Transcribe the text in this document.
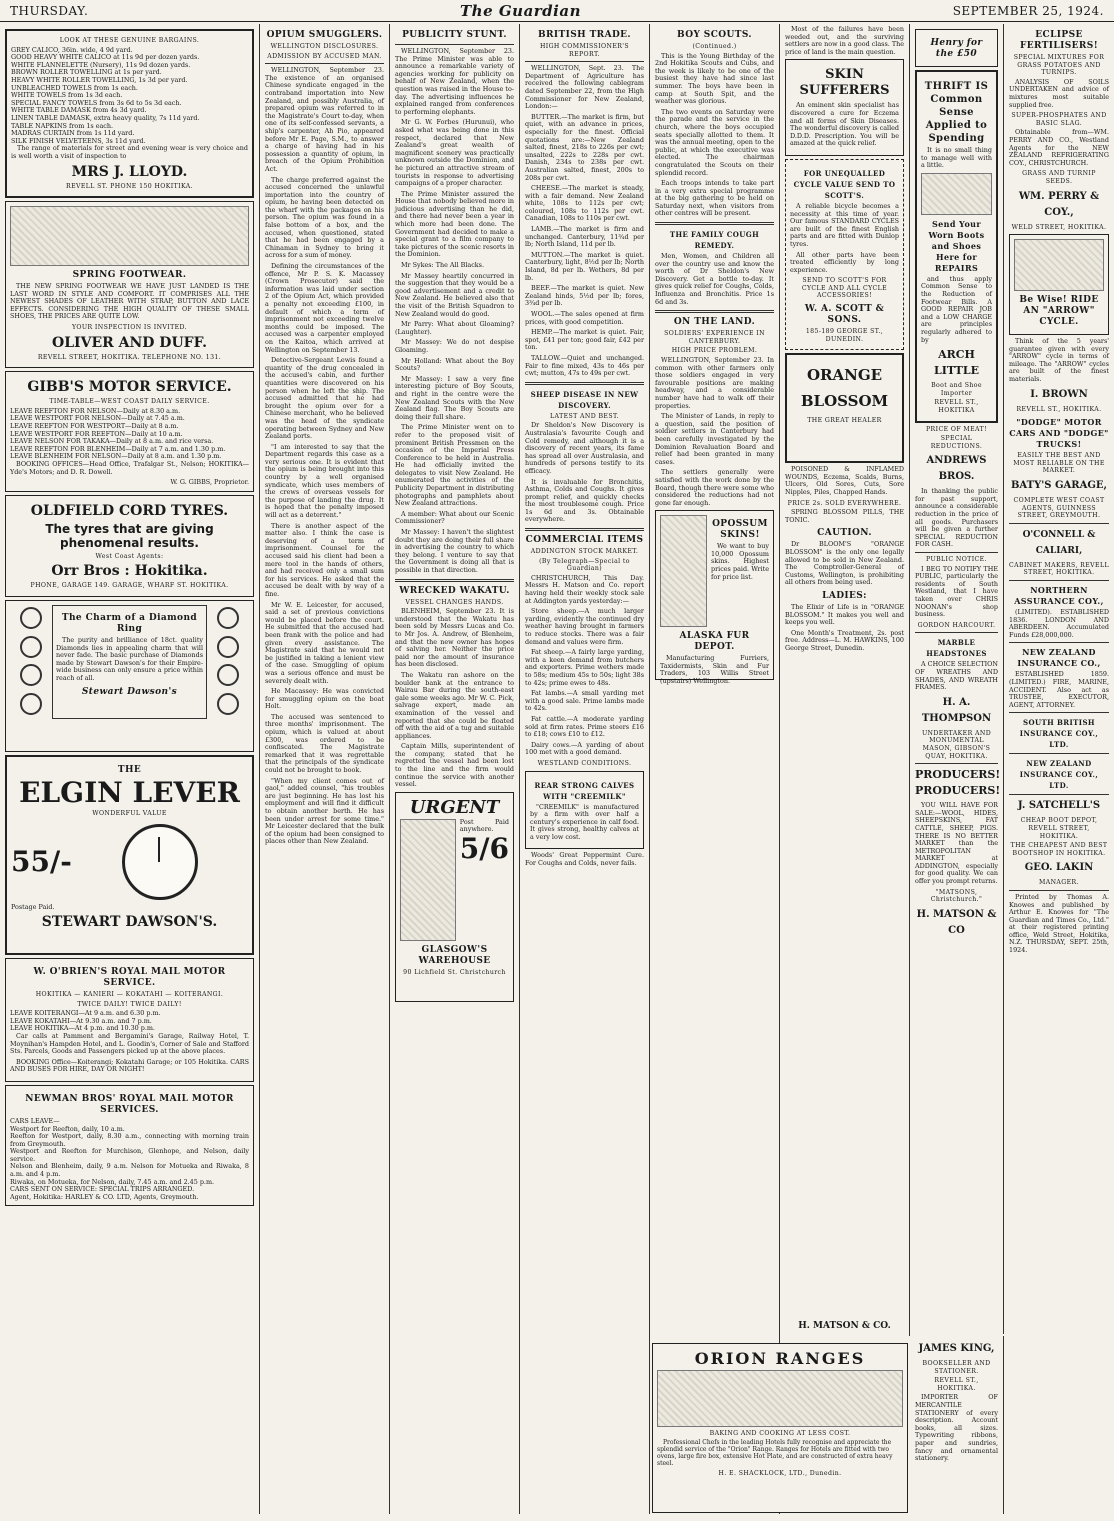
THURSDAY.	The Guardian	SEPTEMBER 25, 1924.
LOOK AT THESE GENUINE BARGAINS.
GREY CALICO, 36in. wide, 4 9d yard.
GOOD HEAVY WHITE CALICO at 11s 9d per dozen yards.
WHITE FLANNELETTE (Nursery), 11s 9d dozen yards.
BROWN ROLLER TOWELLING at 1s per yard.
HEAVY WHITE ROLLER TOWELLING, 1s 3d per yard.
UNBLEACHED TOWELS from 1s each.
WHITE TOWELS from 1s 3d each.
SPECIAL FANCY TOWELS from 3s 6d to 5s 3d each.
WHITE TABLE DAMASK from 4s 3d yard.
LINEN TABLE DAMASK, extra heavy quality, 7s 11d yard.
TABLE NAPKINS from 1s each.
MADRAS CURTAIN from 1s 11d yard.
SILK FINISH VELVETEENS, 3s 11d yard.

The range of materials for street and evening wear is very choice and is well worth a visit of inspection to

MRS J. LLOYD.
REVELL ST. PHONE 150 HOKITIKA.
SPRING FOOTWEAR.

THE NEW SPRING FOOTWEAR WE HAVE JUST LANDED IS THE LAST WORD IN STYLE AND COMFORT. IT COMPRISES ALL THE NEWEST SHADES OF LEATHER WITH STRAP, BUTTON AND LACE EFFECTS. CONSIDERING THE HIGH QUALITY OF THESE SMALL SHOES, THE PRICES ARE QUITE LOW.

YOUR INSPECTION IS INVITED.
OLIVER AND DUFF.
REVELL STREET, HOKITIKA. TELEPHONE NO. 131.
GIBB'S MOTOR SERVICE.
TIME-TABLE—WEST COAST DAILY SERVICE.
LEAVE REEFTON FOR NELSON—Daily at 8.30 a.m.
LEAVE WESTPORT FOR NELSON—Daily at 7.45 a.m.
LEAVE REEFTON FOR WESTPORT—Daily at 8 a.m.
LEAVE WESTPORT FOR REEFTON—Daily at 10 a.m.
LEAVE NELSON FOR TAKAKA—Daily at 8 a.m. and rice versa.
LEAVE REEFTON FOR BLENHEIM—Daily at 7 a.m. and 1.30 p.m.
LEAVE BLENHEIM FOR NELSON—Daily at 8 a.m. and 1.30 p.m.

BOOKING OFFICES—Head Office, Trafalgar St., Nelson; HOKITIKA—Yde's Motors; and D. R. Dowell.

W. G. GIBBS, Proprietor.
OLDFIELD CORD TYRES.
The tyres that are giving phenomenal results.
West Coast Agents:
Orr Bros : Hokitika.
PHONE, GARAGE 149. GARAGE, WHARF ST. HOKITIKA.

The Charm of a Diamond Ring

The purity and brilliance of 18ct. quality Diamonds lies in appealing charm that will never fade. The basic purchase of Diamonds made by Stewart Dawson's for their Empire-wide business can only ensure a price within reach of all.

Stewart Dawson's

THE
ELGIN LEVER
WONDERFUL VALUE
55/-
Postage Paid.
STEWART DAWSON'S.
W. O'BRIEN'S ROYAL MAIL MOTOR SERVICE.
HOKITIKA — KANIERI — KOKATAHI — KOITERANGI.
TWICE DAILY! TWICE DAILY!
LEAVE KOITERANGI—At 9 a.m. and 6.30 p.m.
LEAVE KOKATAHI—At 9.30 a.m. and 7 p.m.
LEAVE HOKITIKA—At 4 p.m. and 10.30 p.m.

Car calls at Pamment and Bergamini's Garage, Railway Hotel, T. Moynihan's Hampden Hotel, and L. Goodin's, Corner of Sale and Stafford Sts. Parcels, Goods and Passengers picked up at the above places.

BOOKING Office—Koiterangi; Kokatahi Garage; or 105 Hokitika. CARS AND BUSES FOR HIRE, DAY OR NIGHT!

NEWMAN BROS' ROYAL MAIL MOTOR SERVICES.
CARS LEAVE—
Westport for Reefton, daily, 10 a.m.
Reefton for Westport, daily, 8.30 a.m., connecting with morning train from Greymouth.
Westport and Reefton for Murchison, Glenhope, and Nelson, daily service.
Nelson and Blenheim, daily, 9 a.m. Nelson for Motueka and Riwaka, 8 a.m. and 4 p.m.
Riwaka, on Motueka, for Nelson, daily, 7.45 a.m. and 2.45 p.m.
CARS SENT ON SERVICE: SPECIAL TRIPS ARRANGED.
Agent, Hokitika: HARLEY & CO. LTD, Agents, Greymouth.
OPIUM SMUGGLERS.
WELLINGTON DISCLOSURES.
ADMISSION BY ACCUSED MAN.

WELLINGTON, September 23. The existence of an organised Chinese syndicate engaged in the contraband importation into New Zealand, and possibly Australia, of prepared opium was referred to in the Magistrate's Court to-day, when one of its self-confessed servants, a ship's carpenter, Ah Pio, appeared before Mr E. Page, S.M., to answer a charge of having had in his possession a quantity of opium, in breach of the Opium Prohibition Act.

The charge preferred against the accused concerned the unlawful importation into the country of opium, he having been detected on the wharf with the packages on his person. The opium was found in a false bottom of a box, and the accused, when questioned, stated that he had been engaged by a Chinaman in Sydney to bring it across for a sum of money.

Defining the circumstances of the offence, Mr P. S. K. Macassey (Crown Prosecutor) said the information was laid under section 2 of the Opium Act, which provided a penalty not exceeding £100, in default of which a term of imprisonment not exceeding twelve months could be imposed. The accused was a carpenter employed on the Kaitoa, which arrived at Wellington on September 13.

Detective-Sergeant Lewis found a quantity of the drug concealed in the accused's cabin, and further quantities were discovered on his person when he left the ship. The accused admitted that he had brought the opium over for a Chinese merchant, who he believed was the head of the syndicate operating between Sydney and New Zealand ports.

"I am interested to say that the Department regards this case as a very serious one. It is evident that the opium is being brought into this country by a well organised syndicate, which uses members of the crews of overseas vessels for the purpose of landing the drug. It is hoped that the penalty imposed will act as a deterrent."

There is another aspect of the matter also. I think the case is deserving of a term of imprisonment. Counsel for the accused said his client had been a mere tool in the hands of others, and had received only a small sum for his services. He asked that the accused be dealt with by way of a fine.

Mr W. E. Leicester, for accused, said a set of previous convictions would be placed before the court. He submitted that the accused had been frank with the police and had given every assistance. The Magistrate said that he would not be justified in taking a lenient view of the case. Smuggling of opium was a serious offence and must be severely dealt with.

He Macassey: He was convicted for smuggling opium on the boat Holt.

The accused was sentenced to three months' imprisonment. The opium, which is valued at about £300, was ordered to be confiscated. The Magistrate remarked that it was regrettable that the principals of the syndicate could not be brought to book.

"When my client comes out of gaol," added counsel, "his troubles are just beginning. He has lost his employment and will find it difficult to obtain another berth. He has been under arrest for some time." Mr Leicester declared that the bulk of the opium had been consigned to places other than New Zealand.

PUBLICITY STUNT.

WELLINGTON, September 23. The Prime Minister was able to announce a remarkable variety of agencies working for publicity on behalf of New Zealand, when the question was raised in the House to-day. The advertising influences he explained ranged from conferences to performing elephants.

Mr G. W. Forbes (Hurunui), who asked what was being done in this respect, declared that New Zealand's great wealth of magnificent scenery was practically unknown outside the Dominion, and he pictured an attractive stream of tourists in response to advertising campaigns of a proper character.

The Prime Minister assured the House that nobody believed more in judicious advertising than he did, and there had never been a year in which more had been done. The Government had decided to make a special grant to a film company to take pictures of the scenic resorts in the Dominion.

Mr Sykes: The All Blacks.

Mr Massey heartily concurred in the suggestion that they would be a good advertisement and a credit to New Zealand. He believed also that the visit of the British Squadron to New Zealand would do good.

Mr Parry: What about Gloaming? (Laughter).

Mr Massey: We do not despise Gloaming.

Mr Holland: What about the Boy Scouts?

Mr Massey: I saw a very fine interesting picture of Boy Scouts, and right in the centre were the New Zealand Scouts with the New Zealand flag. The Boy Scouts are doing their full share.

The Prime Minister went on to refer to the proposed visit of prominent British Pressmen on the occasion of the Imperial Press Conference to be held in Australia. He had officially invited the delegates to visit New Zealand. He enumerated the activities of the Publicity Department in distributing photographs and pamphlets about New Zealand attractions.

A member: What about our Scenic Commissioner?

Mr Massey: I haven't the slightest doubt they are doing their full share in advertising the country to which they belong. I venture to say that the Government is doing all that is possible in that direction.

WRECKED WAKATU.
VESSEL CHANGES HANDS.

BLENHEIM, September 23. It is understood that the Wakatu has been sold by Messrs Lucas and Co. to Mr Jos. A. Andrew, of Blenheim, and that the new owner has hopes of salving her. Neither the price paid nor the amount of insurance has been disclosed.

The Wakatu ran ashore on the boulder bank at the entrance to Wairau Bar during the south-east gale some weeks ago. Mr W. C. Pick, salvage expert, made an examination of the vessel and reported that she could be floated off with the aid of a tug and suitable appliances.

Captain Mills, superintendent of the company, stated that he regretted the vessel had been lost to the line and the firm would continue the service with another vessel.

URGENT
Post Paid anywhere.
5/6
GLASGOW'S WAREHOUSE
90 Lichfield St. Christchurch
BRITISH TRADE.
HIGH COMMISSIONER'S REPORT.

WELLINGTON, Sept. 23. The Department of Agriculture has received the following cablegram dated September 22, from the High Commissioner for New Zealand, London:—

BUTTER.—The market is firm, but quiet, with an advance in prices, especially for the finest. Official quotations are:—New Zealand salted, finest, 218s to 226s per cwt; unsalted, 222s to 228s per cwt. Danish, 234s to 238s per cwt. Australian salted, finest, 200s to 208s per cwt.

CHEESE.—The market is steady, with a fair demand. New Zealand white, 108s to 112s per cwt; coloured, 108s to 112s per cwt. Canadian, 108s to 110s per cwt.

LAMB.—The market is firm and unchanged. Canterbury, 11¾d per lb; North Island, 11d per lb.

MUTTON.—The market is quiet. Canterbury, light, 8½d per lb; North Island, 8d per lb. Wethers, 8d per lb.

BEEF.—The market is quiet. New Zealand hinds, 5½d per lb; fores, 3¾d per lb.

WOOL.—The sales opened at firm prices, with good competition.

HEMP.—The market is quiet. Fair, spot, £41 per ton; good fair, £42 per ton.

TALLOW.—Quiet and unchanged. Fair to fine mixed, 43s to 46s per cwt; mutton, 47s to 49s per cwt.

SHEEP DISEASE IN NEW DISCOVERY.
LATEST AND BEST.

Dr Sheldon's New Discovery is Australasia's favourite Cough and Cold remedy, and although it is a discovery of recent years, its fame has spread all over Australasia, and hundreds of persons testify to its efficacy.

It is invaluable for Bronchitis, Asthma, Colds and Coughs. It gives prompt relief, and quickly checks the most troublesome cough. Price 1s 6d and 3s. Obtainable everywhere.

COMMERCIAL ITEMS
ADDINGTON STOCK MARKET.
(By Telegraph—Special to Guardian)

CHRISTCHURCH, This Day. Messrs H. Matson and Co. report having held their weekly stock sale at Addington yards yesterday:—

Store sheep.—A much larger yarding, evidently the continued dry weather having brought in farmers to reduce stocks. There was a fair demand and values were firm.

Fat sheep.—A fairly large yarding, with a keen demand from butchers and exporters. Prime wethers made to 58s; medium 45s to 50s; light 38s to 42s; prime ewes to 48s.

Fat lambs.—A small yarding met with a good sale. Prime lambs made to 42s.

Fat cattle.—A moderate yarding sold at firm rates. Prime steers £16 to £18; cows £10 to £12.

Dairy cows.—A yarding of about 100 met with a good demand.

WESTLAND CONDITIONS.
REAR STRONG CALVES WITH "CREEMILK"

"CREEMILK" is manufactured by a firm with over half a century's experience in calf food. It gives strong, healthy calves at a very low cost.

Woods' Great Peppermint Cure. For Coughs and Colds, never fails.

BOY SCOUTS.
(Continued.)

This is the Young Birthday of the 2nd Hokitika Scouts and Cubs, and the week is likely to be one of the busiest they have had since last summer. The boys have been in camp at South Spit, and the weather was glorious.

The two events on Saturday were the parade and the service in the church, where the boys occupied seats specially allotted to them. It was the annual meeting, open to the public, at which the executive was elected. The chairman congratulated the Scouts on their splendid record.

Each troops intends to take part in a very extra special programme at the big gathering to be held on Saturday next, when visitors from other centres will be present.

THE FAMILY COUGH REMEDY.

Men, Women, and Children all over the country use and know the worth of Dr Sheldon's New Discovery. Get a bottle to-day. It gives quick relief for Coughs, Colds, Influenza and Bronchitis. Price 1s 6d and 3s.

ON THE LAND.
SOLDIERS' EXPERIENCE IN CANTERBURY.
HIGH PRICE PROBLEM.

WELLINGTON, September 23. In common with other farmers only those soldiers engaged in very favourable positions are making headway, and a considerable number have had to walk off their properties.

The Minister of Lands, in reply to a question, said the position of soldier settlers in Canterbury had been carefully investigated by the Dominion Revaluation Board and relief had been granted in many cases.

The settlers generally were satisfied with the work done by the Board, though there were some who considered the reductions had not gone far enough.

OPOSSUM SKINS!

We want to buy 10,000 Opossum skins. Highest prices paid. Write for price list.

ALASKA FUR DEPOT.

Manufacturing Furriers, Taxidermists, Skin and Fur Traders, 103 Willis Street (upstairs) Wellington.

ORION RANGES
BAKING AND COOKING AT LESS COST.

Professional Chefs in the leading Hotels fully recognise and appreciate the splendid service of the "Orion" Range. Ranges for Hotels are fitted with two ovens, large fire box, extensive Hot Plate, and are constructed of extra heavy steel.

H. E. SHACKLOCK, LTD., Dunedin.

Most of the failures have been weeded out, and the surviving settlers are now in a good class. The price of land is the main question.

SKIN SUFFERERS

An eminent skin specialist has discovered a cure for Eczema and all forms of Skin Diseases. The wonderful discovery is called D.D.D. Prescription. You will be amazed at the quick relief.

FOR UNEQUALLED CYCLE VALUE SEND TO SCOTT'S.

A reliable bicycle becomes a necessity at this time of year. Our famous STANDARD CYCLES are built of the finest English parts and are fitted with Dunlop tyres.

All other parts have been treated efficiently by long experience.

SEND TO SCOTT'S FOR CYCLE AND ALL CYCLE ACCESSORIES!
W. A. SCOTT & SONS.
185-189 GEORGE ST., DUNEDIN.
ORANGE BLOSSOM
THE GREAT HEALER

POISONED & INFLAMED WOUNDS, Eczema, Scalds, Burns, Ulcers, Old Sores, Cuts, Sore Nipples, Piles, Chapped Hands.

PRICE 2s. SOLD EVERYWHERE.

SPRING BLOSSOM PILLS, THE TONIC.

CAUTION.

Dr BLOOM'S "ORANGE BLOSSOM" is the only one legally allowed to be sold in New Zealand. The Comptroller-General of Customs, Wellington, is prohibiting all others from being used.

LADIES:

The Elixir of Life is in "ORANGE BLOSSOM." It makes you well and keeps you well.

One Month's Treatment, 2s. post free. Address—L. M. HAWKINS, 100 George Street, Dunedin.

Henry for the £50
THRIFT IS Common Sense Applied to Spending

It is no small thing to manage well with a little.

Send Your Worn Boots and Shoes Here for REPAIRS

and thus apply Common Sense to the Reduction of Footwear Bills. A GOOD REPAIR JOB and a LOW CHARGE are principles regularly adhered to by

ARCH LITTLE
Boot and Shoe Importer
REVELL ST., HOKITIKA
PRICE OF MEAT!
SPECIAL REDUCTIONS.
ANDREWS BROS.

In thanking the public for past support, announce a considerable reduction in the price of all goods. Purchasers will be given a further SPECIAL REDUCTION FOR CASH.

PUBLIC NOTICE.

I BEG TO NOTIFY THE PUBLIC, particularly the residents of South Westland, that I have taken over CHRIS NOONAN's shop business.

GORDON HARCOURT.
MARBLE HEADSTONES

A CHOICE SELECTION OF WREATHS AND SHADES, AND WREATH FRAMES.

H. A. THOMPSON
UNDERTAKER AND MONUMENTAL MASON, GIBSON'S QUAY, HOKITIKA.
PRODUCERS! PRODUCERS!

YOU WILL HAVE FOR SALE:—WOOL, HIDES, SHEEPSKINS, FAT CATTLE, SHEEP, PIGS. THERE IS NO BETTER MARKET than the METROPOLITAN MARKET at ADDINGTON, especially for good quality. We can offer you prompt returns.

"MATSONS, Christchurch."
H. MATSON & CO
JAMES KING,
BOOKSELLER AND STATIONER.
REVELL ST., HOKITIKA.

IMPORTER OF MERCANTILE STATIONERY of every description. Account books, all sizes. Typewriting ribbons, paper and sundries, fancy and ornamental stationery.

H. MATSON & CO.
ECLIPSE FERTILISERS!
SPECIAL MIXTURES FOR GRASS POTATOES AND TURNIPS.

ANALYSIS OF SOILS UNDERTAKEN and advice of mixtures most suitable supplied free.

SUPER-PHOSPHATES AND BASIC SLAG.

Obtainable from—WM. PERRY AND CO., Westland Agents for the NEW ZEALAND REFRIGERATING COY., CHRISTCHURCH.

GRASS AND TURNIP SEEDS.
WM. PERRY & COY.,
WELD STREET, HOKITIKA.
Be Wise! RIDE AN "ARROW" CYCLE.

Think of the 5 years' guarantee given with every "ARROW" cycle in terms of mileage. The "ARROW" cycles are built of the finest materials.

I. BROWN
REVELL ST., HOKITIKA.
"DODGE" MOTOR CARS AND "DODGE" TRUCKS!
EASILY THE BEST AND MOST RELIABLE ON THE MARKET.
BATY'S GARAGE,
COMPLETE WEST COAST AGENTS, GUINNESS STREET, GREYMOUTH.
O'CONNELL & CALIARI,
CABINET MAKERS, REVELL STREET, HOKITIKA.
NORTHERN ASSURANCE COY.,

(LIMITED). ESTABLISHED 1836. LONDON AND ABERDEEN. Accumulated Funds £28,000,000.

NEW ZEALAND INSURANCE CO.,

ESTABLISHED 1859. (LIMITED.) FIRE, MARINE, ACCIDENT. Also act as TRUSTEE, EXECUTOR, AGENT, ATTORNEY.

SOUTH BRITISH INSURANCE COY., LTD.
NEW ZEALAND INSURANCE COY., LTD.
J. SATCHELL'S
CHEAP BOOT DEPOT, REVELL STREET, HOKITIKA.
THE CHEAPEST AND BEST BOOTSHOP IN HOKITIKA.
GEO. LAKIN
MANAGER.

Printed by Thomas A. Knowes and published by Arthur E. Knowes for "The Guardian and Times Co., Ltd." at their registered printing office, Weld Street, Hokitika, N.Z. THURSDAY, SEPT. 25th, 1924.
